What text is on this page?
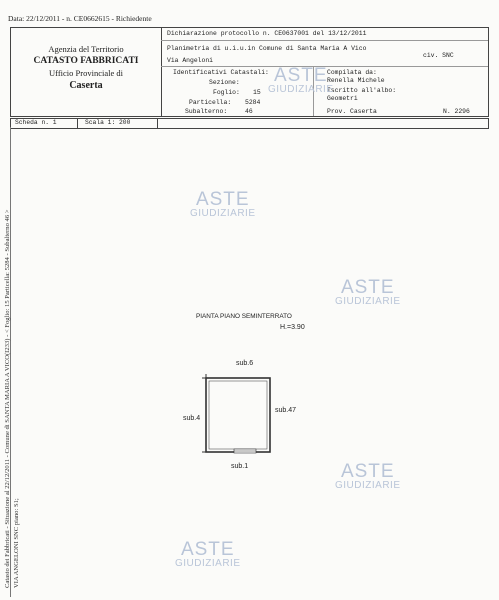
Data: 22/12/2011 - n. CE0662615 - Richiedente
Agenzia del Territorio
CATASTO FABBRICATI
Ufficio Provinciale di
Caserta
Dichiarazione protocollo n. CE0637001 del 13/12/2011
Planimetria di u.i.u.in Comune di Santa Maria A Vico
Via Angeloni
civ. SNC
Identificativi Catastali:
Sezione:
Foglio: 15
Particella: 5284
Subalterno:	46
Compilata da:
Renella Michele
Iscritto all'albo:
Geometri
Prov. Caserta	N. 2296
ASTE
GIUDIZIARIE
Scheda n. 1	Scala 1: 200
Catasto dei Fabbricati - Situazione al 22/12/2011 - Comune di SANTA MARIA A VICO(I233) - < Foglio: 15 Particella: 5284 - Subalterno 46 > VIA ANGELONI SNC piano: S1;
ASTE
GIUDIZIARIE
ASTE
GIUDIZIARIE
ASTE
GIUDIZIARIE
ASTE
GIUDIZIARIE
PIANTA PIANO SEMINTERRATO
H.=3.90
sub.6
sub.4
sub.47
sub.1
